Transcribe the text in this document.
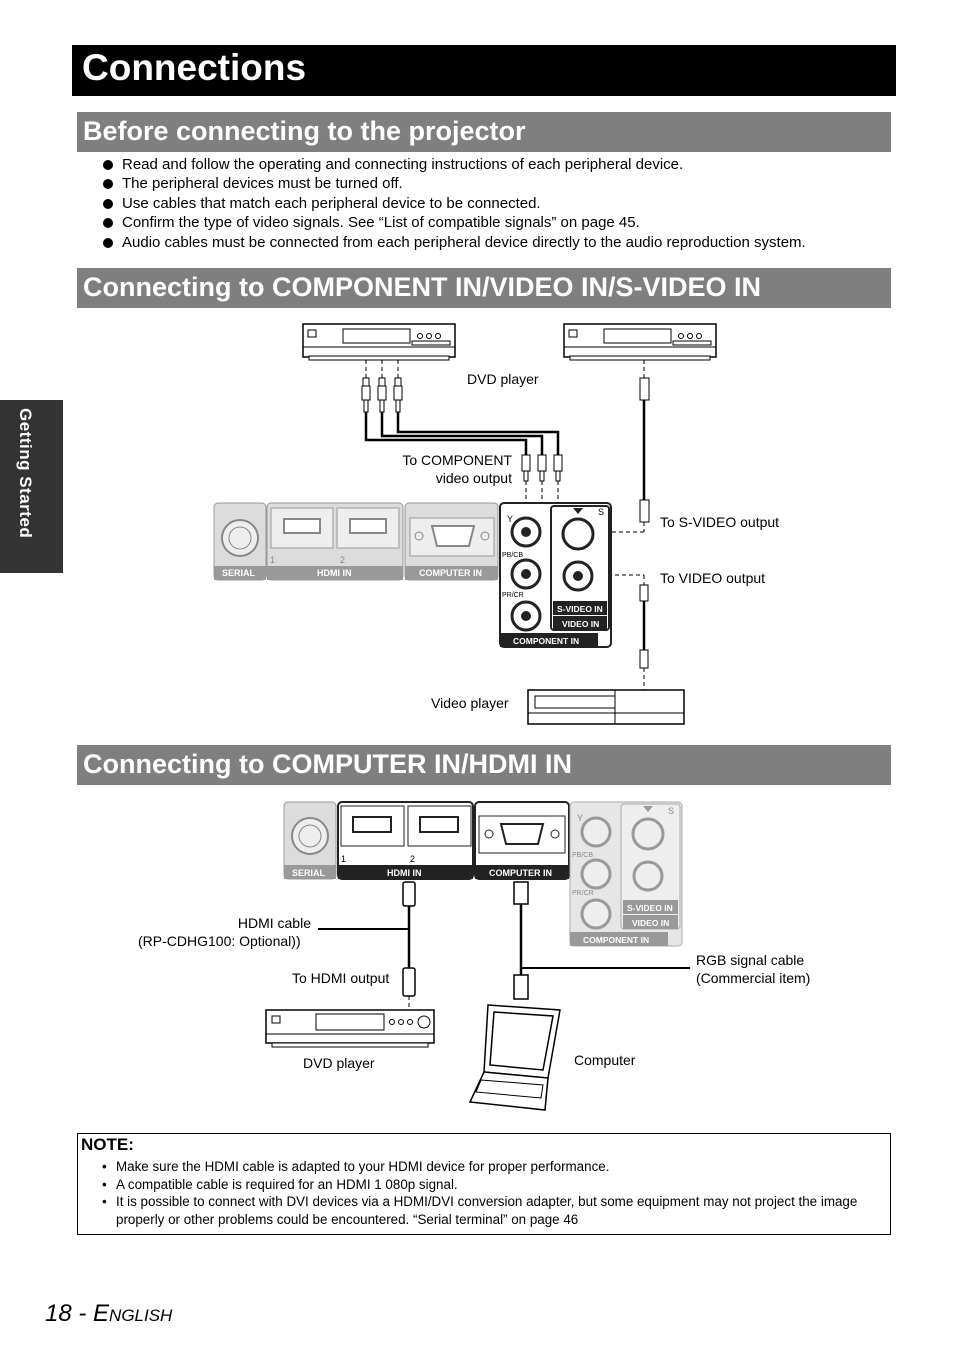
Connections
Before connecting to the projector
Read and follow the operating and connecting instructions of each peripheral device.
The peripheral devices must be turned off.
Use cables that match each peripheral device to be connected.
Confirm the type of video signals. See “List of compatible signals” on page 45.
Audio cables must be connected from each peripheral device directly to the audio reproduction system.
Connecting to COMPONENT IN/VIDEO IN/S-VIDEO IN
Getting Started
SERIAL	HDMI IN	COMPUTER IN
1	2
Y
PB/CB
PR/CR
S
S-VIDEO IN
VIDEO IN
COMPONENT IN
SERIAL	HDMI IN	COMPUTER IN
1	2
Y
PB/CB
PR/CR
S
S-VIDEO IN
VIDEO IN
COMPONENT IN
DVD player
To COMPONENT
video output
To S-VIDEO output
To VIDEO output
Video player
Connecting to COMPUTER IN/HDMI IN
HDMI cable
(RP-CDHG100: Optional))
To HDMI output
RGB signal cable
(Commercial item)
DVD player	Computer
NOTE:
• Make sure the HDMI cable is adapted to your HDMI device for proper performance.
• A compatible cable is required for an HDMI 1 080p signal.
• It is possible to connect with DVI devices via a HDMI/DVI conversion adapter, but some equipment may not project the image properly or other problems could be encountered. “Serial terminal” on page 46
18 - English
